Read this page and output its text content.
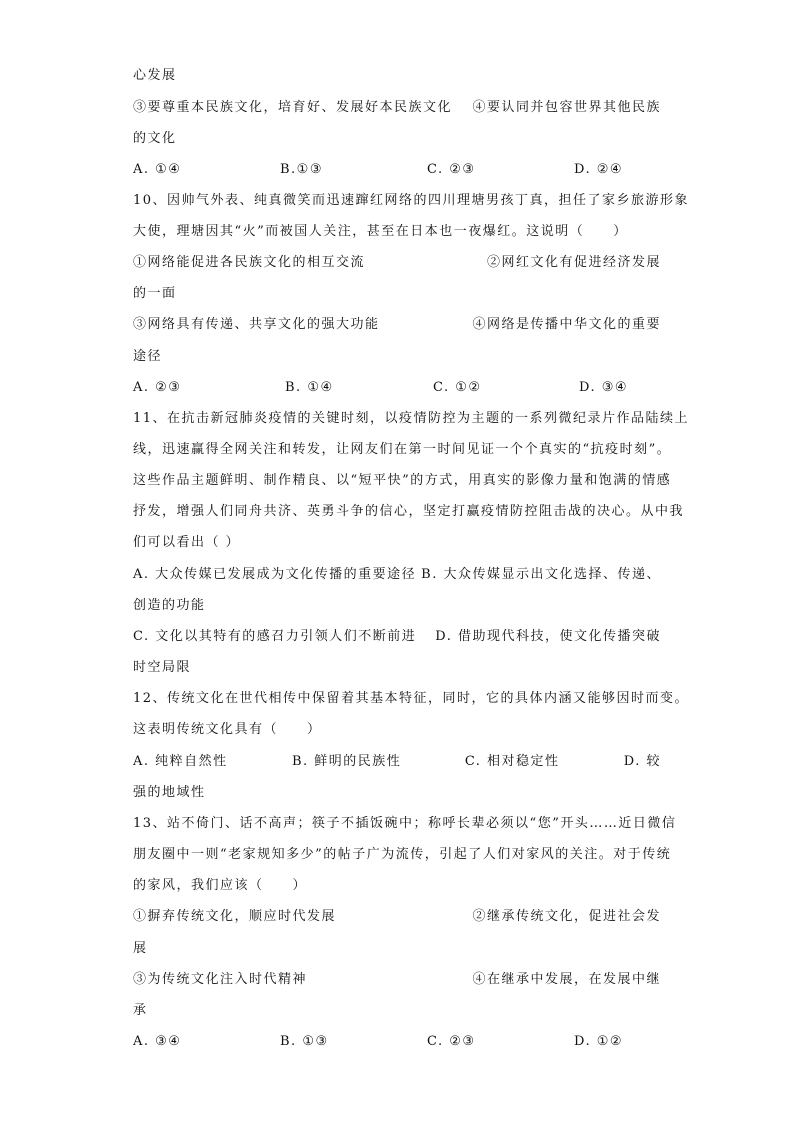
心发展
③要尊重本民族文化，培育好、发展好本民族文化 ④要认同并包容世界其他民族
的文化
A. ①④	B.①③	C. ②③	D. ②④
10、因帅气外表、纯真微笑而迅速蹿红网络的四川理塘男孩丁真，担任了家乡旅游形象
大使，理塘因其“火”而被国人关注，甚至在日本也一夜爆红。这说明（　　）
①网络能促进各民族文化的相互交流	②网红文化有促进经济发展
的一面
③网络具有传递、共享文化的强大功能	④网络是传播中华文化的重要
途径
A. ②③	B. ①④	C. ①②	D. ③④
11、在抗击新冠肺炎疫情的关键时刻，以疫情防控为主题的一系列微纪录片作品陆续上
线，迅速赢得全网关注和转发，让网友们在第一时间见证一个个真实的“抗疫时刻”。
这些作品主题鲜明、制作精良、以“短平快”的方式，用真实的影像力量和饱满的情感
抒发，增强人们同舟共济、英勇斗争的信心，坚定打赢疫情防控阻击战的决心。从中我
们可以看出（ ）
A. 大众传媒已发展成为文化传播的重要途径 B. 大众传媒显示出文化选择、传递、
创造的功能
C. 文化以其特有的感召力引领人们不断前进 D. 借助现代科技，使文化传播突破
时空局限
12、传统文化在世代相传中保留着其基本特征，同时，它的具体内涵又能够因时而变。
这表明传统文化具有（　　）
A. 纯粹自然性	B. 鲜明的民族性	C. 相对稳定性	D. 较
强的地域性
13、站不倚门、话不高声；筷子不插饭碗中；称呼长辈必须以“您”开头……近日微信
朋友圈中一则“老家规知多少”的帖子广为流传，引起了人们对家风的关注。对于传统
的家风，我们应该（　　）
①摒弃传统文化，顺应时代发展	②继承传统文化，促进社会发
展
③为传统文化注入时代精神	④在继承中发展，在发展中继
承
A. ③④	B. ①③	C. ②③	D. ①②
